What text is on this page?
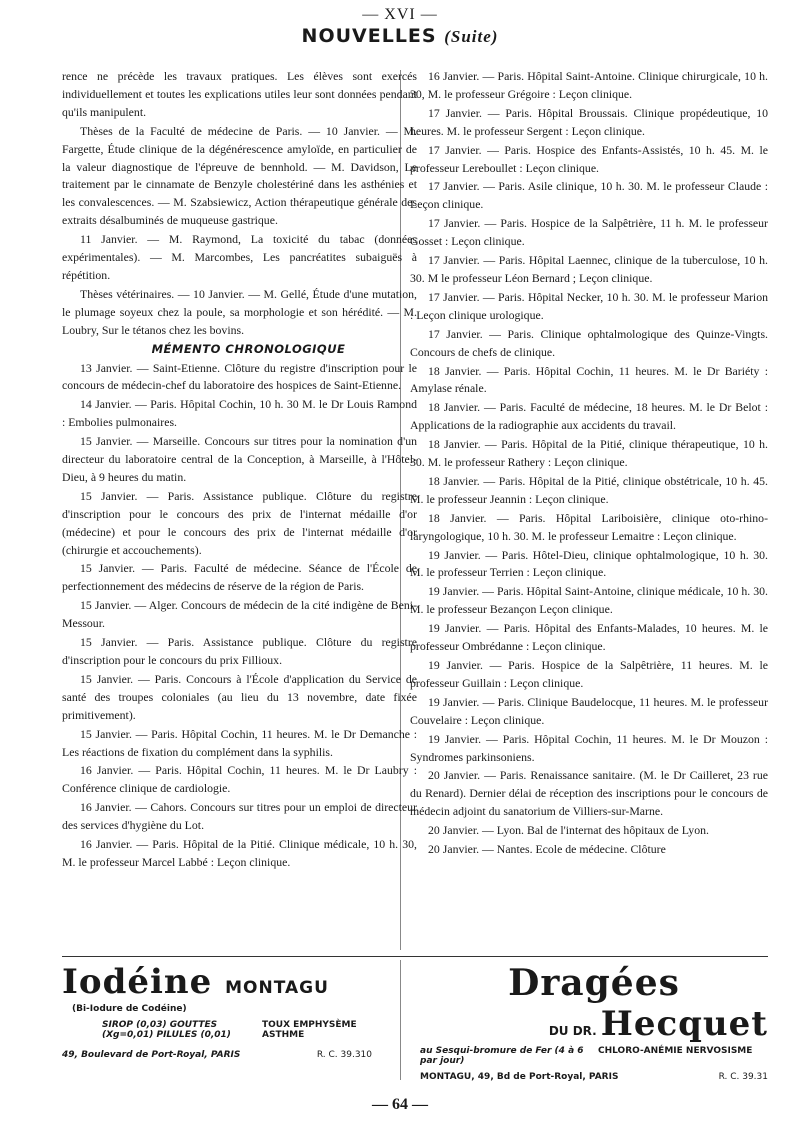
— XVI —
NOUVELLES (Suite)

rence ne précède les travaux pratiques. Les élèves sont exercés individuellement et toutes les explications utiles leur sont données pendant qu'ils manipulent.

Thèses de la Faculté de médecine de Paris. — 10 Janvier. — M. Fargette, Étude clinique de la dégénérescence amyloïde, en particulier de la valeur diagnostique de l'épreuve de bennhold. — M. Davidson, Le traitement par le cinnamate de Benzyle cholestériné dans les asthénies et les convalescences. — M. Szabsiewicz, Action thérapeutique générale des extraits désalbuminés de muqueuse gastrique.

11 Janvier. — M. Raymond, La toxicité du tabac (données expérimentales). — M. Marcombes, Les pancréatites subaiguës à répétition.

Thèses vétérinaires. — 10 Janvier. — M. Gellé, Étude d'une mutation, le plumage soyeux chez la poule, sa morphologie et son hérédité. — M. Loubry, Sur le tétanos chez les bovins.

MÉMENTO CHRONOLOGIQUE

13 Janvier. — Saint-Etienne. Clôture du registre d'inscription pour le concours de médecin-chef du laboratoire des hospices de Saint-Etienne.

14 Janvier. — Paris. Hôpital Cochin, 10 h. 30 M. le Dr Louis Ramond : Embolies pulmonaires.

15 Janvier. — Marseille. Concours sur titres pour la nomination d'un directeur du laboratoire central de la Conception, à Marseille, à l'Hôtel-Dieu, à 9 heures du matin.

15 Janvier. — Paris. Assistance publique. Clôture du registre d'inscription pour le concours des prix de l'internat médaille d'or (médecine) et pour le concours des prix de l'internat médaille d'or (chirurgie et accouchements).

15 Janvier. — Paris. Faculté de médecine. Séance de l'École de perfectionnement des médecins de réserve de la région de Paris.

15 Janvier. — Alger. Concours de médecin de la cité indigène de Beni-Messour.

15 Janvier. — Paris. Assistance publique. Clôture du registre d'inscription pour le concours du prix Fillioux.

15 Janvier. — Paris. Concours à l'École d'application du Service de santé des troupes coloniales (au lieu du 13 novembre, date fixée primitivement).

15 Janvier. — Paris. Hôpital Cochin, 11 heures. M. le Dr Demanche : Les réactions de fixation du complément dans la syphilis.

16 Janvier. — Paris. Hôpital Cochin, 11 heures. M. le Dr Laubry : Conférence clinique de cardiologie.

16 Janvier. — Cahors. Concours sur titres pour un emploi de directeur des services d'hygiène du Lot.

16 Janvier. — Paris. Hôpital de la Pitié. Clinique médicale, 10 h. 30, M. le professeur Marcel Labbé : Leçon clinique.

16 Janvier. — Paris. Hôpital Saint-Antoine. Clinique chirurgicale, 10 h. 30, M. le professeur Grégoire : Leçon clinique.

17 Janvier. — Paris. Hôpital Broussais. Clinique propédeutique, 10 heures. M. le professeur Sergent : Leçon clinique.

17 Janvier. — Paris. Hospice des Enfants-Assistés, 10 h. 45. M. le professeur Lereboullet : Leçon clinique.

17 Janvier. — Paris. Asile clinique, 10 h. 30. M. le professeur Claude : Leçon clinique.

17 Janvier. — Paris. Hospice de la Salpêtrière, 11 h. M. le professeur Gosset : Leçon clinique.

17 Janvier. — Paris. Hôpital Laennec, clinique de la tuberculose, 10 h. 30. M le professeur Léon Bernard ; Leçon clinique.

17 Janvier. — Paris. Hôpital Necker, 10 h. 30. M. le professeur Marion : Leçon clinique urologique.

17 Janvier. — Paris. Clinique ophtalmologique des Quinze-Vingts. Concours de chefs de clinique.

18 Janvier. — Paris. Hôpital Cochin, 11 heures. M. le Dr Bariéty : Amylase rénale.

18 Janvier. — Paris. Faculté de médecine, 18 heures. M. le Dr Belot : Applications de la radiographie aux accidents du travail.

18 Janvier. — Paris. Hôpital de la Pitié, clinique thérapeutique, 10 h. 30. M. le professeur Rathery : Leçon clinique.

18 Janvier. — Paris. Hôpital de la Pitié, clinique obstétricale, 10 h. 45. M. le professeur Jeannin : Leçon clinique.

18 Janvier. — Paris. Hôpital Lariboisière, clinique oto-rhino-laryngologique, 10 h. 30. M. le professeur Lemaitre : Leçon clinique.

19 Janvier. — Paris. Hôtel-Dieu, clinique ophtalmologique, 10 h. 30. M. le professeur Terrien : Leçon clinique.

19 Janvier. — Paris. Hôpital Saint-Antoine, clinique médicale, 10 h. 30. M. le professeur Bezançon Leçon clinique.

19 Janvier. — Paris. Hôpital des Enfants-Malades, 10 heures. M. le professeur Ombrédanne : Leçon clinique.

19 Janvier. — Paris. Hospice de la Salpêtrière, 11 heures. M. le professeur Guillain : Leçon clinique.

19 Janvier. — Paris. Clinique Baudelocque, 11 heures. M. le professeur Couvelaire : Leçon clinique.

19 Janvier. — Paris. Hôpital Cochin, 11 heures. M. le Dr Mouzon : Syndromes parkinsoniens.

20 Janvier. — Paris. Renaissance sanitaire. (M. le Dr Cailleret, 23 rue du Renard). Dernier délai de réception des inscriptions pour le concours de médecin adjoint du sanatorium de Villiers-sur-Marne.

20 Janvier. — Lyon. Bal de l'internat des hôpitaux de Lyon.

20 Janvier. — Nantes. Ecole de médecine. Clôture

Iodéine MONTAGU
(Bi-Iodure de Codéine)
SIROP (0,03) GOUTTES (Xg=0,01) PILULES (0,01)
TOUX EMPHYSÈME ASTHME
49, Boulevard de Port-Royal, PARIS	R. C. 39.310
Dragées
DU DR. Hecquet
au Sesqui-bromure de Fer (4 à 6 par jour)
CHLORO-ANÉMIE NERVOSISME
MONTAGU, 49, Bd de Port-Royal, PARIS	R. C. 39.31
— 64 —
